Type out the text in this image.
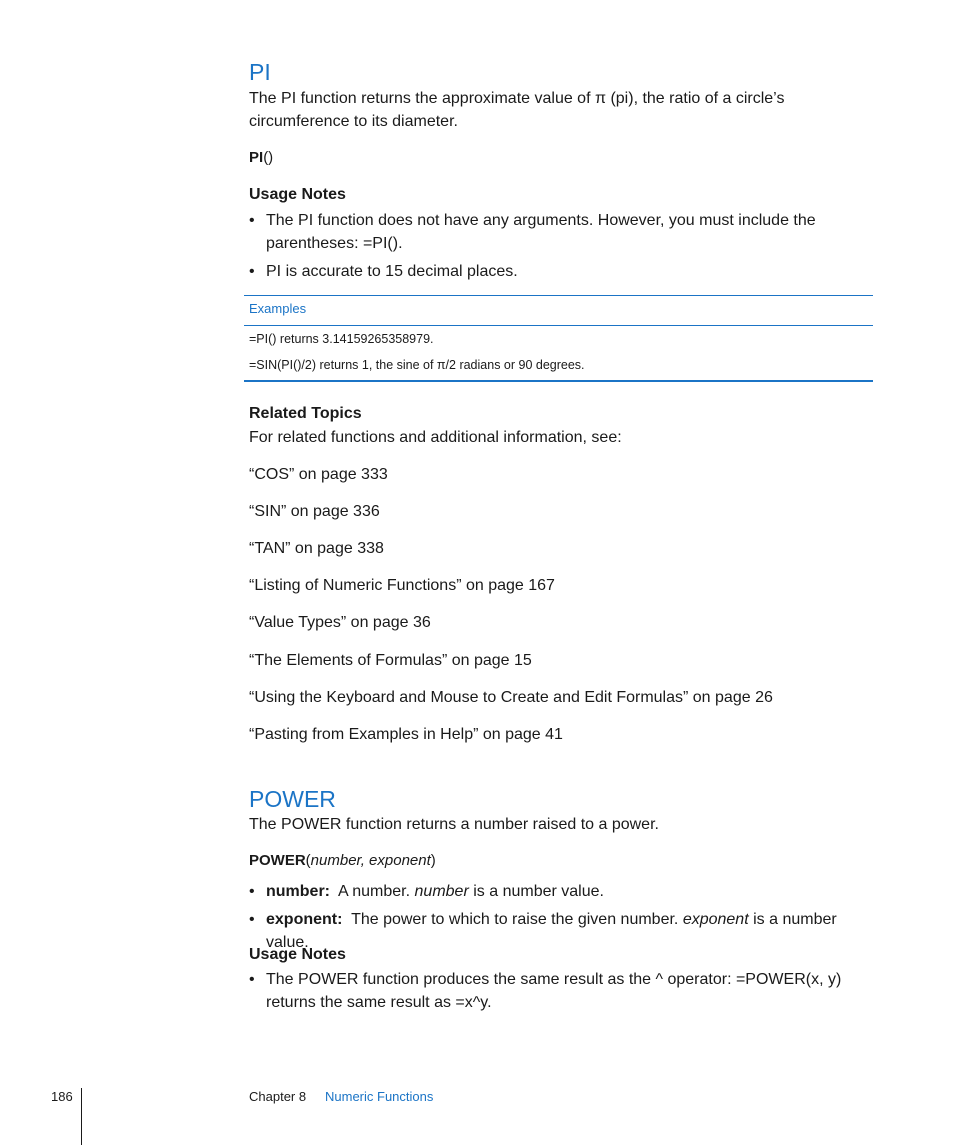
PI
The PI function returns the approximate value of π (pi), the ratio of a circle’s
circumference to its diameter.
PI()
Usage Notes
• The PI function does not have any arguments. However, you must include the
parentheses: =PI().
• PI is accurate to 15 decimal places.
Examples
=PI() returns 3.14159265358979.
=SIN(PI()/2) returns 1, the sine of π/2 radians or 90 degrees.
Related Topics
For related functions and additional information, see:
“COS” on page 333
“SIN” on page 336
“TAN” on page 338
“Listing of Numeric Functions” on page 167
“Value Types” on page 36
“The Elements of Formulas” on page 15
“Using the Keyboard and Mouse to Create and Edit Formulas” on page 26
“Pasting from Examples in Help” on page 41
POWER
The POWER function returns a number raised to a power.
POWER(number, exponent)
• number: A number. number is a number value.
• exponent: The power to which to raise the given number. exponent is a number value.
Usage Notes
• The POWER function produces the same result as the ^ operator: =POWER(x, y)
returns the same result as =x^y.
186	Chapter 8 Numeric Functions
